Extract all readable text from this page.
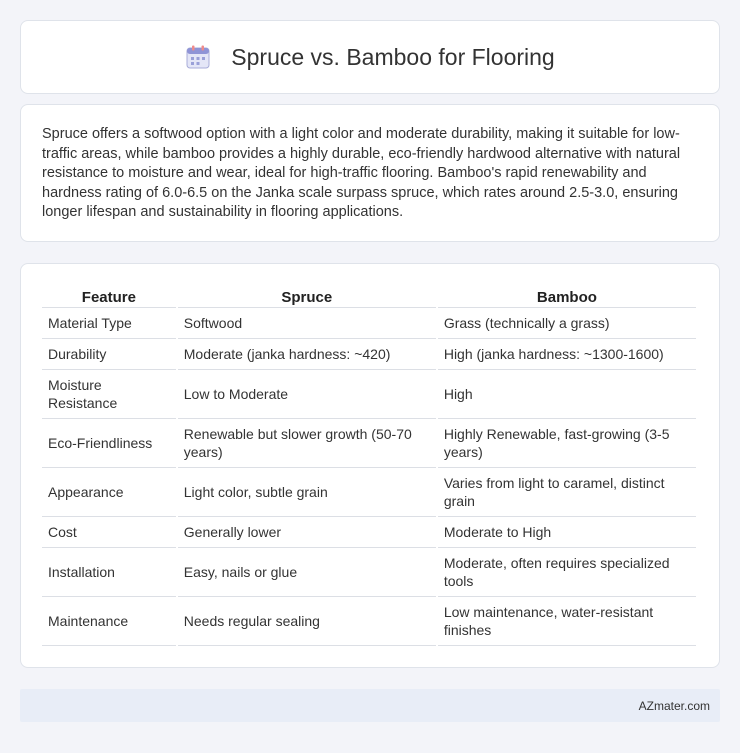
Spruce vs. Bamboo for Flooring

Spruce offers a softwood option with a light color and moderate durability, making it suitable for low-traffic areas, while bamboo provides a highly durable, eco-friendly hardwood alternative with natural resistance to moisture and wear, ideal for high-traffic flooring. Bamboo's rapid renewability and hardness rating of 6.0-6.5 on the Janka scale surpass spruce, which rates around 2.5-3.0, ensuring longer lifespan and sustainability in flooring applications.

Feature	Spruce	Bamboo
Material Type	Softwood	Grass (technically a grass)
Durability	Moderate (janka hardness: ~420)	High (janka hardness: ~1300-1600)
Moisture Resistance	Low to Moderate	High
Eco-Friendliness	Renewable but slower growth (50-70 years)	Highly Renewable, fast-growing (3-5 years)
Appearance	Light color, subtle grain	Varies from light to caramel, distinct grain
Cost	Generally lower	Moderate to High
Installation	Easy, nails or glue	Moderate, often requires specialized tools
Maintenance	Needs regular sealing	Low maintenance, water-resistant finishes
AZmater.com
